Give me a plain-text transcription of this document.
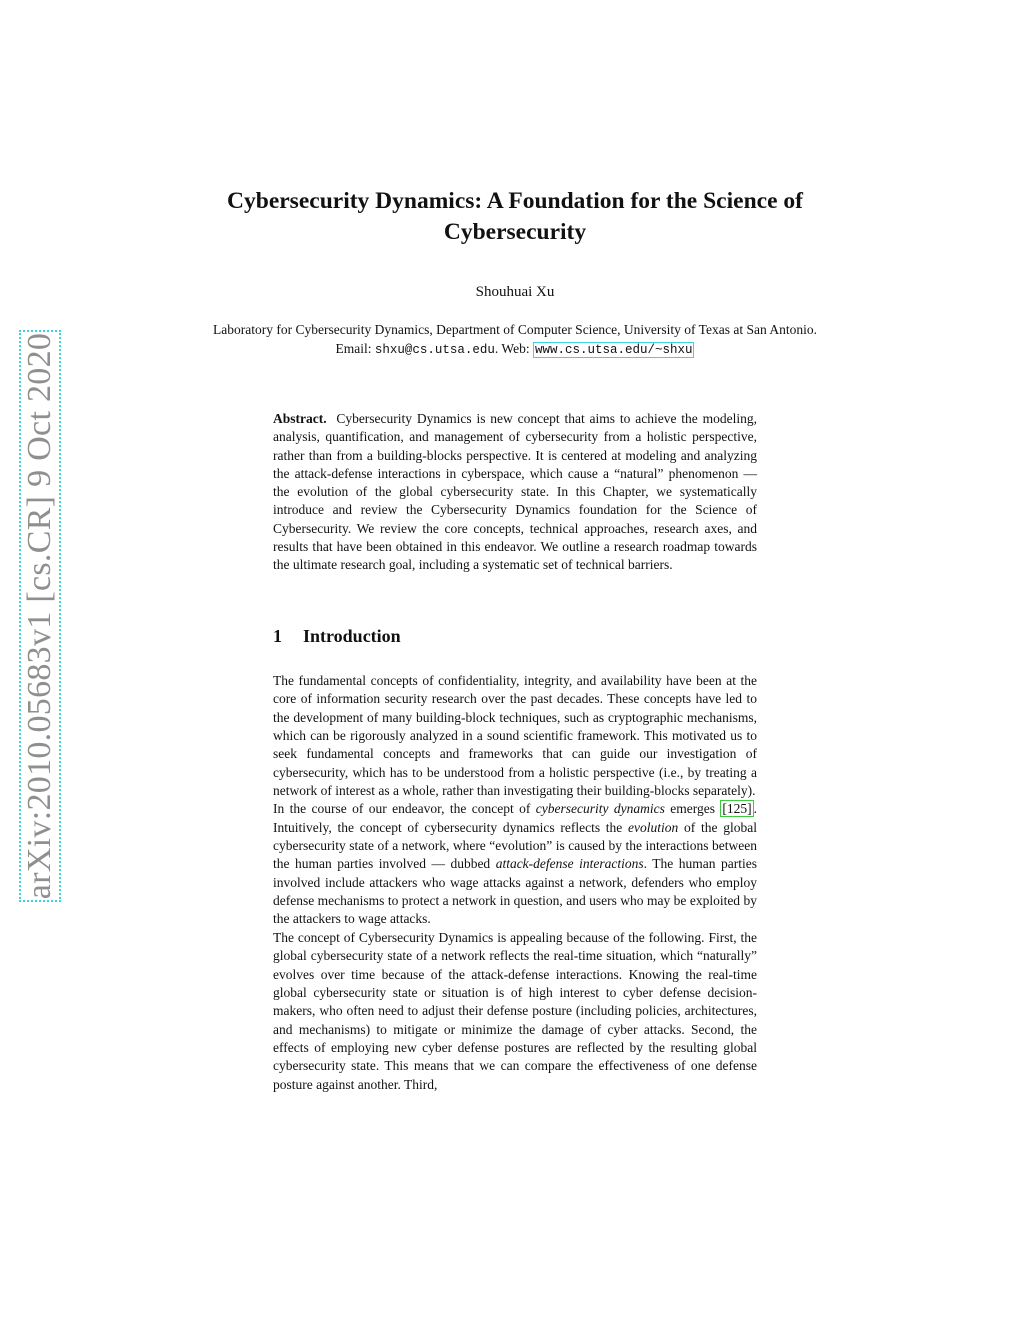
arXiv:2010.05683v1 [cs.CR] 9 Oct 2020
Cybersecurity Dynamics: A Foundation for the Science of Cybersecurity
Shouhuai Xu
Laboratory for Cybersecurity Dynamics, Department of Computer Science, University of Texas at San Antonio. Email: shxu@cs.utsa.edu. Web: www.cs.utsa.edu/~shxu

Abstract. Cybersecurity Dynamics is new concept that aims to achieve the modeling, analysis, quantification, and management of cybersecurity from a holistic perspective, rather than from a building-blocks perspective. It is centered at modeling and analyzing the attack-defense interactions in cyberspace, which cause a “natural” phenomenon — the evolution of the global cybersecurity state. In this Chapter, we systematically introduce and review the Cybersecurity Dynamics foundation for the Science of Cybersecurity. We review the core concepts, technical approaches, research axes, and results that have been obtained in this endeavor. We outline a research roadmap towards the ultimate research goal, including a systematic set of technical barriers.

1 Introduction

The fundamental concepts of confidentiality, integrity, and availability have been at the core of information security research over the past decades. These concepts have led to the development of many building-block techniques, such as cryptographic mechanisms, which can be rigorously analyzed in a sound scientific framework. This motivated us to seek fundamental concepts and frameworks that can guide our investigation of cybersecurity, which has to be understood from a holistic perspective (i.e., by treating a network of interest as a whole, rather than investigating their building-blocks separately).

In the course of our endeavor, the concept of cybersecurity dynamics emerges [125] . Intuitively, the concept of cybersecurity dynamics reflects the evolution of the global cybersecurity state of a network, where “evolution” is caused by the interactions between the human parties involved — dubbed attack-defense interactions. The human parties involved include attackers who wage attacks against a network, defenders who employ defense mechanisms to protect a network in question, and users who may be exploited by the attackers to wage attacks.

The concept of Cybersecurity Dynamics is appealing because of the following. First, the global cybersecurity state of a network reflects the real-time situation, which “naturally” evolves over time because of the attack-defense interactions. Knowing the real-time global cybersecurity state or situation is of high interest to cyber defense decision-makers, who often need to adjust their defense posture (including policies, architectures, and mechanisms) to mitigate or minimize the damage of cyber attacks. Second, the effects of employing new cyber defense postures are reflected by the resulting global cybersecurity state. This means that we can compare the effectiveness of one defense posture against another. Third,
